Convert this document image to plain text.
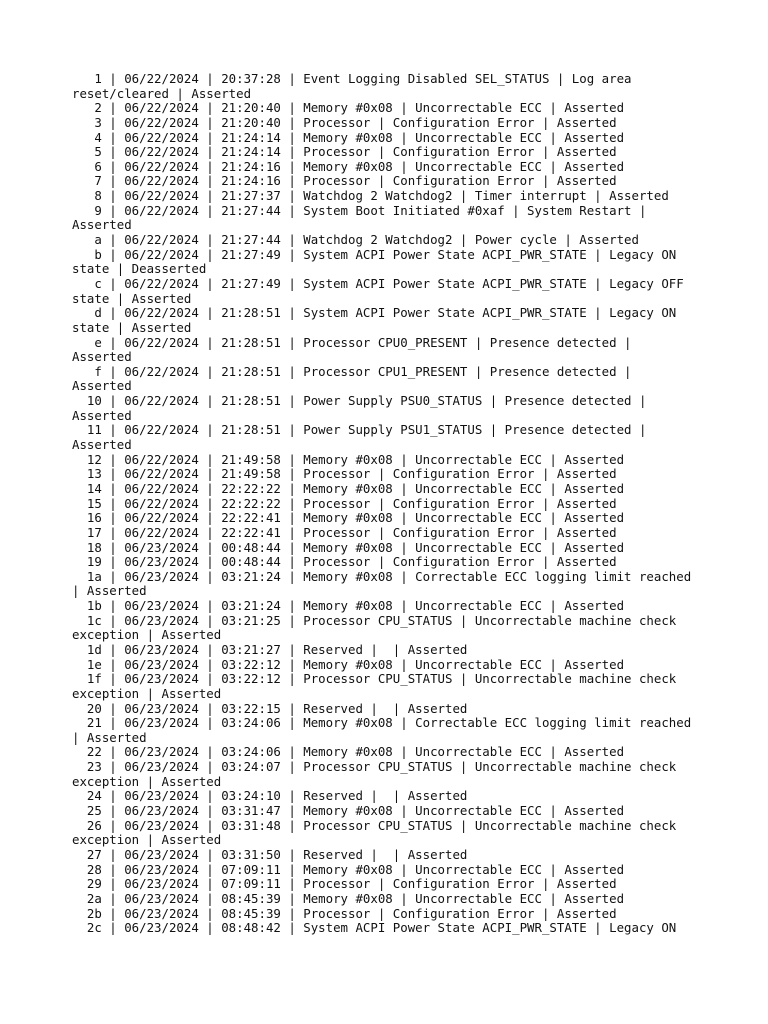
1 | 06/22/2024 | 20:37:28 | Event Logging Disabled SEL_STATUS | Log area
reset/cleared | Asserted
2 | 06/22/2024 | 21:20:40 | Memory #0x08 | Uncorrectable ECC | Asserted
3 | 06/22/2024 | 21:20:40 | Processor | Configuration Error | Asserted
4 | 06/22/2024 | 21:24:14 | Memory #0x08 | Uncorrectable ECC | Asserted
5 | 06/22/2024 | 21:24:14 | Processor | Configuration Error | Asserted
6 | 06/22/2024 | 21:24:16 | Memory #0x08 | Uncorrectable ECC | Asserted
7 | 06/22/2024 | 21:24:16 | Processor | Configuration Error | Asserted
8 | 06/22/2024 | 21:27:37 | Watchdog 2 Watchdog2 | Timer interrupt | Asserted
9 | 06/22/2024 | 21:27:44 | System Boot Initiated #0xaf | System Restart |
Asserted
a | 06/22/2024 | 21:27:44 | Watchdog 2 Watchdog2 | Power cycle | Asserted
b | 06/22/2024 | 21:27:49 | System ACPI Power State ACPI_PWR_STATE | Legacy ON
state | Deasserted
c | 06/22/2024 | 21:27:49 | System ACPI Power State ACPI_PWR_STATE | Legacy OFF
state | Asserted
d | 06/22/2024 | 21:28:51 | System ACPI Power State ACPI_PWR_STATE | Legacy ON
state | Asserted
e | 06/22/2024 | 21:28:51 | Processor CPU0_PRESENT | Presence detected |
Asserted
f | 06/22/2024 | 21:28:51 | Processor CPU1_PRESENT | Presence detected |
Asserted
10 | 06/22/2024 | 21:28:51 | Power Supply PSU0_STATUS | Presence detected |
Asserted
11 | 06/22/2024 | 21:28:51 | Power Supply PSU1_STATUS | Presence detected |
Asserted
12 | 06/22/2024 | 21:49:58 | Memory #0x08 | Uncorrectable ECC | Asserted
13 | 06/22/2024 | 21:49:58 | Processor | Configuration Error | Asserted
14 | 06/22/2024 | 22:22:22 | Memory #0x08 | Uncorrectable ECC | Asserted
15 | 06/22/2024 | 22:22:22 | Processor | Configuration Error | Asserted
16 | 06/22/2024 | 22:22:41 | Memory #0x08 | Uncorrectable ECC | Asserted
17 | 06/22/2024 | 22:22:41 | Processor | Configuration Error | Asserted
18 | 06/23/2024 | 00:48:44 | Memory #0x08 | Uncorrectable ECC | Asserted
19 | 06/23/2024 | 00:48:44 | Processor | Configuration Error | Asserted
1a | 06/23/2024 | 03:21:24 | Memory #0x08 | Correctable ECC logging limit reached
| Asserted
1b | 06/23/2024 | 03:21:24 | Memory #0x08 | Uncorrectable ECC | Asserted
1c | 06/23/2024 | 03:21:25 | Processor CPU_STATUS | Uncorrectable machine check
exception | Asserted
1d | 06/23/2024 | 03:21:27 | Reserved |  | Asserted
1e | 06/23/2024 | 03:22:12 | Memory #0x08 | Uncorrectable ECC | Asserted
1f | 06/23/2024 | 03:22:12 | Processor CPU_STATUS | Uncorrectable machine check
exception | Asserted
20 | 06/23/2024 | 03:22:15 | Reserved |  | Asserted
21 | 06/23/2024 | 03:24:06 | Memory #0x08 | Correctable ECC logging limit reached
| Asserted
22 | 06/23/2024 | 03:24:06 | Memory #0x08 | Uncorrectable ECC | Asserted
23 | 06/23/2024 | 03:24:07 | Processor CPU_STATUS | Uncorrectable machine check
exception | Asserted
24 | 06/23/2024 | 03:24:10 | Reserved |  | Asserted
25 | 06/23/2024 | 03:31:47 | Memory #0x08 | Uncorrectable ECC | Asserted
26 | 06/23/2024 | 03:31:48 | Processor CPU_STATUS | Uncorrectable machine check
exception | Asserted
27 | 06/23/2024 | 03:31:50 | Reserved |  | Asserted
28 | 06/23/2024 | 07:09:11 | Memory #0x08 | Uncorrectable ECC | Asserted
29 | 06/23/2024 | 07:09:11 | Processor | Configuration Error | Asserted
2a | 06/23/2024 | 08:45:39 | Memory #0x08 | Uncorrectable ECC | Asserted
2b | 06/23/2024 | 08:45:39 | Processor | Configuration Error | Asserted
2c | 06/23/2024 | 08:48:42 | System ACPI Power State ACPI_PWR_STATE | Legacy ON
